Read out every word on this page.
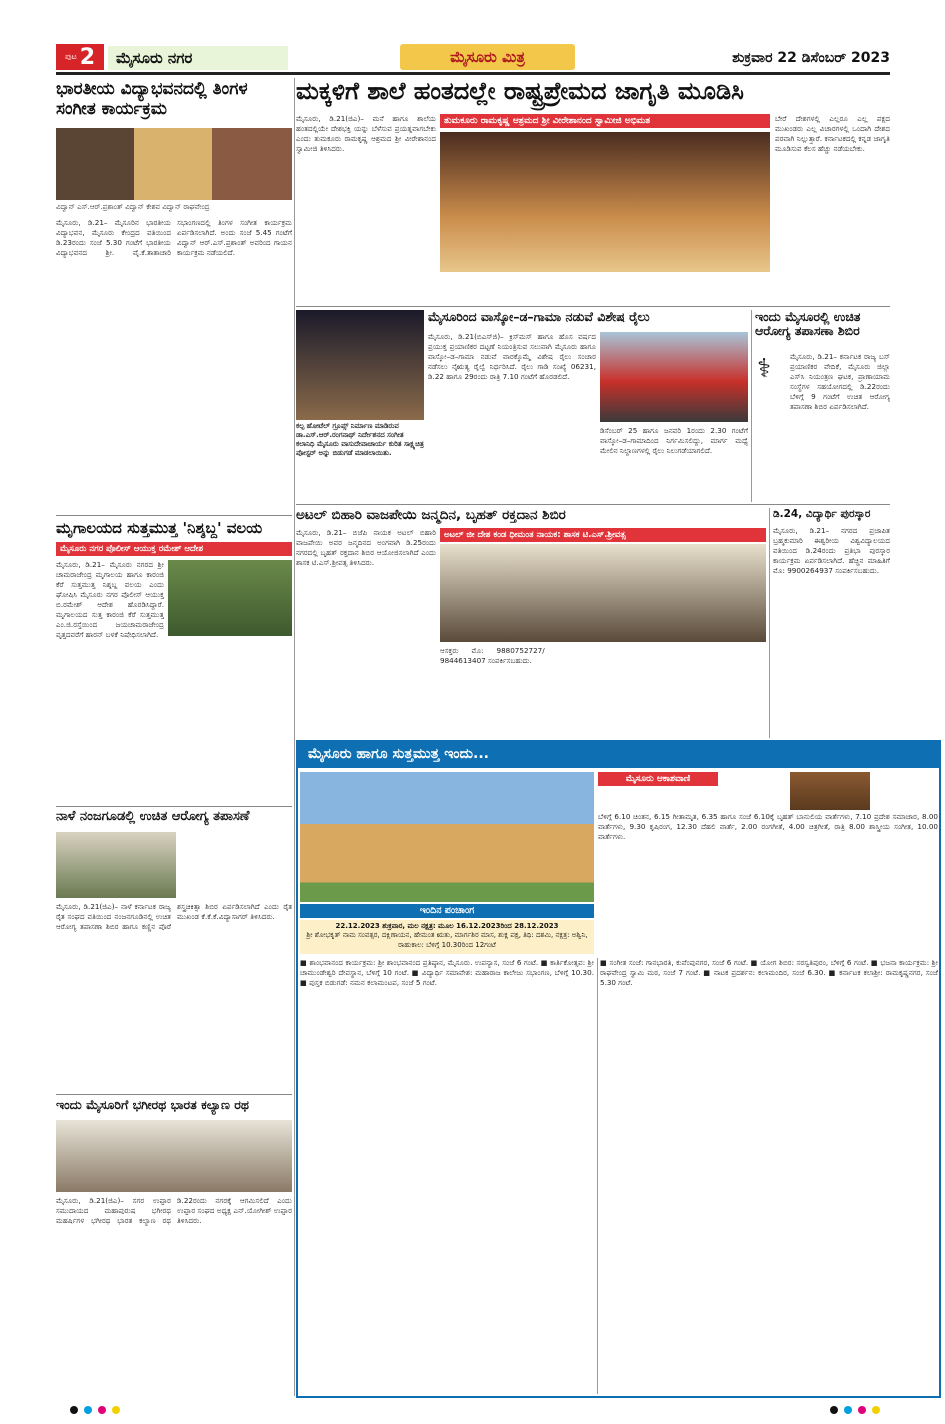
ಪುಟ 2	ಮೈಸೂರು ನಗರ	ಮೈಸೂರು ಮಿತ್ರ	ಶುಕ್ರವಾರ 22 ಡಿಸೆಂಬರ್ 2023
ಭಾರತೀಯ ವಿದ್ಯಾಭವನದಲ್ಲಿ ತಿಂಗಳ ಸಂಗೀತ ಕಾರ್ಯಕ್ರಮ
ವಿದ್ವಾನ್ ಎಸ್.ಆರ್.ಪ್ರಶಾಂತ್ ವಿದ್ವಾನ್ ಕೇಶವ ವಿದ್ವಾನ್ ರಾಘವೇಂದ್ರ

ಮೈಸೂರು, ಡಿ.21– ಮೈಸೂರಿನ ಭಾರತೀಯ ವಿದ್ಯಾಭವನ, ಮೈಸೂರು ಕೇಂದ್ರದ ವತಿಯಿಂದ ಡಿ.23ರಂದು ಸಂಜೆ 5.30 ಗಂಟೆಗೆ ಭಾರತೀಯ ವಿದ್ಯಾಭವನದ ಶ್ರೀ. ವೈ.ಕೆ.ತಾತಾಚಾರಿ ಸಭಾಂಗಣದಲ್ಲಿ ತಿಂಗಳ ಸಂಗೀತ ಕಾರ್ಯಕ್ರಮ ಏರ್ಪಡಿಸಲಾಗಿದೆ. ಅಂದು ಸಂಜೆ 5.45 ಗಂಟೆಗೆ ವಿದ್ವಾನ್ ಆರ್.ಎಸ್.ಪ್ರಶಾಂತ್ ಅವರಿಂದ ಗಾಯನ ಕಾರ್ಯಕ್ರಮ ನಡೆಯಲಿದೆ.

ಮೃಗಾಲಯದ ಸುತ್ತಮುತ್ತ 'ನಿಶ್ಶಬ್ದ' ವಲಯ
ಮೈಸೂರು ನಗರ ಪೊಲೀಸ್ ಆಯುಕ್ತ ರಮೇಶ್ ಆದೇಶ

ಮೈಸೂರು, ಡಿ.21– ಮೈಸೂರು ನಗರದ ಶ್ರೀ ಚಾಮರಾಜೇಂದ್ರ ಮೃಗಾಲಯ ಹಾಗೂ ಕಾರಂಜಿ ಕೆರೆ ಸುತ್ತಮುತ್ತ ನಿಶ್ಶಬ್ದ ವಲಯ ಎಂದು ಘೋಷಿಸಿ ಮೈಸೂರು ನಗರ ಪೊಲೀಸ್ ಆಯುಕ್ತ ಬಿ.ರಮೇಶ್ ಆದೇಶ ಹೊರಡಿಸಿದ್ದಾರೆ. ಮೃಗಾಲಯದ ಸುತ್ತ ಕಾರಂಜಿ ಕೆರೆ ಸುತ್ತಮುತ್ತ ಎಂ.ಜಿ.ರಸ್ತೆಯಿಂದ ಜಯಚಾಮರಾಜೇಂದ್ರ ವೃತ್ತದವರೆಗೆ ಹಾರನ್ ಬಳಕೆ ನಿಷೇಧಿಸಲಾಗಿದೆ.

ನಾಳೆ ನಂಜಗೂಡಲ್ಲಿ ಉಚಿತ ಆರೋಗ್ಯ ತಪಾಸಣೆ

ಮೈಸೂರು, ಡಿ.21(ಜಿಎ)– ನಾಳೆ ಕರ್ನಾಟಕ ರಾಜ್ಯ ರೈತ ಸಂಘದ ವತಿಯಿಂದ ನಂಜನಗೂಡಿನಲ್ಲಿ ಉಚಿತ ಆರೋಗ್ಯ ತಪಾಸಣಾ ಶಿಬಿರ ಹಾಗೂ ಕಣ್ಣಿನ ಪೊರೆ ಶಸ್ತ್ರಚಿಕಿತ್ಸಾ ಶಿಬಿರ ಏರ್ಪಡಿಸಲಾಗಿದೆ ಎಂದು ರೈತ ಮುಖಂಡ ಕೆ.ಕೆ.ಕೆ.ವಿದ್ಯಾಸಾಗರ್ ತಿಳಿಸಿದರು.

ಇಂದು ಮೈಸೂರಿಗೆ ಭಗೀರಥ ಭಾರತ ಕಲ್ಯಾಣ ರಥ

ಮೈಸೂರು, ಡಿ.21(ಜಿಎ)– ಸಗರ ಉಪ್ಪಾರ ಸಮುದಾಯದ ಮಹಾಪುರುಷ ಭಗೀರಥ ಮಹರ್ಷಿಗಳ ಭಗೀರಥ ಭಾರತ ಕಲ್ಯಾಣ ರಥ ಡಿ.22ರಂದು ನಗರಕ್ಕೆ ಆಗಮಿಸಲಿದೆ ಎಂದು ಉಪ್ಪಾರ ಸಂಘದ ಅಧ್ಯಕ್ಷ ಎನ್.ಯೋಗೀಶ್ ಉಪ್ಪಾರ ತಿಳಿಸಿದರು.

ಮಕ್ಕಳಿಗೆ ಶಾಲೆ ಹಂತದಲ್ಲೇ ರಾಷ್ಟ್ರಪ್ರೇಮದ ಜಾಗೃತಿ ಮೂಡಿಸಿ
ತುಮಕೂರು ರಾಮಕೃಷ್ಣ ಆಶ್ರಮದ ಶ್ರೀ ವೀರೇಶಾನಂದ ಸ್ವಾಮೀಜಿ ಅಭಿಮತ

ಮೈಸೂರು, ಡಿ.21(ಜಿಎ)– ಮನೆ ಹಾಗೂ ಶಾಲೆಯ ಹಂತದಲ್ಲಿಯೇ ದೇಶಭಕ್ತಿ ಯನ್ನು ಬೆಳೆಸುವ ಪ್ರಯತ್ನವಾಗಬೇಕು ಎಂದು ತುಮಕೂರು ರಾಮಕೃಷ್ಣ ಆಶ್ರಮದ ಶ್ರೀ ವೀರೇಶಾನಂದ ಸ್ವಾಮೀಜಿ ತಿಳಿಸಿದರು.

ಬೇರೆ ದೇಶಗಳಲ್ಲಿ ಎಲ್ಲರೂ ಎಲ್ಲ ಪಕ್ಷದ ಮುಖಂಡರು ಎಲ್ಲ ವಿಚಾರಗಳಲ್ಲಿ ಒಂದಾಗಿ ದೇಶದ ಪರವಾಗಿ ನಿಲ್ಲುತ್ತಾರೆ. ಕರ್ನಾಟಕದಲ್ಲಿ ಕನ್ನಡ ಜಾಗೃತಿ ಮೂಡಿಸುವ ಕೆಲಸ ಹೆಚ್ಚು ನಡೆಯಬೇಕು.

ಕಲ್ಪ ಹೋಟೆಲ್ ಗ್ರೂಪ್ಸ್ ನಿರ್ಮಾಣ ಮಾಡಿರುವ ಡಾ.ಎಸ್.ಆರ್.ರಂಗನಾಥ್ ನಿರ್ದೇಶನದ ಸಂಗೀತ ಕಲಾನಿಧಿ ಮೈಸೂರು ವಾಸುದೇವಾಚಾರ್ಯ ಕುರಿತ ಸಾಕ್ಷ್ಯಚಿತ್ರ ಪೋಸ್ಟರ್ ಅನ್ನು ಬಿಡುಗಡೆ ಮಾಡಲಾಯಿತು.
ಮೈಸೂರಿಂದ ವಾಸ್ಕೋ–ಡ–ಗಾಮಾ ನಡುವೆ ವಿಶೇಷ ರೈಲು

ಮೈಸೂರು, ಡಿ.21(ಬಿಎಸ್‌ಜಿ)– ಕ್ರಿಸ್‌ಮಸ್ ಹಾಗೂ ಹೊಸ ವರ್ಷದ ಪ್ರಯುಕ್ತ ಪ್ರಯಾಣಿಕರ ದಟ್ಟಣೆ ನಿಯಂತ್ರಿಸುವ ಸಲುವಾಗಿ ಮೈಸೂರು ಹಾಗೂ ವಾಸ್ಕೋ–ಡ–ಗಾಮಾ ನಡುವೆ ವಾರಕ್ಕೊಮ್ಮೆ ವಿಶೇಷ ರೈಲು ಸಂಚಾರ ನಡೆಸಲು ನೈಋತ್ಯ ರೈಲ್ವೆ ನಿರ್ಧರಿಸಿದೆ. ರೈಲು ಗಾಡಿ ಸಂಖ್ಯೆ 06231, ಡಿ.22 ಹಾಗೂ 29ರಂದು ರಾತ್ರಿ 7.10 ಗಂಟೆಗೆ ಹೊರಡಲಿದೆ.

ಡಿಸೆಂಬರ್ 25 ಹಾಗೂ ಜನವರಿ 1ರಂದು 2.30 ಗಂಟೆಗೆ ವಾಸ್ಕೋ–ಡ–ಗಾಮಾದಿಂದ ನಿರ್ಗಮಿಸಲಿದ್ದು, ಮಾರ್ಗ ಮಧ್ಯೆ ಮೇಲಿನ ನಿಲ್ದಾಣಗಳಲ್ಲಿ ರೈಲು ನಿಲುಗಡೆಯಾಗಲಿದೆ.

ಇಂದು ಮೈಸೂರಲ್ಲಿ ಉಚಿತ ಆರೋಗ್ಯ ತಪಾಸಣಾ ಶಿಬಿರ
⚕	ಮೈಸೂರು, ಡಿ.21– ಕರ್ನಾಟಕ ರಾಜ್ಯ ಬಸ್ ಪ್ರಯಾಣಿಕರ ವೇದಿಕೆ, ಮೈಸೂರು ಜಿಲ್ಲಾ ಎಸ್‌ಸಿ ನಿಯಂತ್ರಣ ಘಟಕ, ಪ್ರಾಣಾಯಾಮ ಸಂಸ್ಥೆಗಳ ಸಹಯೋಗದಲ್ಲಿ ಡಿ.22ರಂದು ಬೆಳಿಗ್ಗೆ 9 ಗಂಟೆಗೆ ಉಚಿತ ಆರೋಗ್ಯ ತಪಾಸಣಾ ಶಿಬಿರ ಏರ್ಪಡಿಸಲಾಗಿದೆ.

ಅಟಲ್ ಬಿಹಾರಿ ವಾಜಪೇಯಿ ಜನ್ಮದಿನ, ಬೃಹತ್ ರಕ್ತದಾನ ಶಿಬಿರ
ಅಟಲ್ ಜೀ ದೇಶ ಕಂಡ ಧೀಮಂತ ನಾಯಕ: ಶಾಸಕ ಟಿ.ಎಸ್.ಶ್ರೀವತ್ಸ

ಮೈಸೂರು, ಡಿ.21– ಬಿಜೆಪಿ ನಾಯಕ ಅಟಲ್ ಬಿಹಾರಿ ವಾಜಪೇಯಿ ಅವರ ಜನ್ಮದಿನದ ಅಂಗವಾಗಿ ಡಿ.25ರಂದು ನಗರದಲ್ಲಿ ಬೃಹತ್ ರಕ್ತದಾನ ಶಿಬಿರ ಆಯೋಜಿಸಲಾಗಿದೆ ಎಂದು ಶಾಸಕ ಟಿ.ಎಸ್.ಶ್ರೀವತ್ಸ ತಿಳಿಸಿದರು.

ಆಸಕ್ತರು ಮೊ: 9880752727/ 9844613407 ಸಂಪರ್ಕಿಸಬಹುದು.

ಡಿ.24, ವಿದ್ಯಾರ್ಥಿ ಪುರಸ್ಕಾರ

ಮೈಸೂರು, ಡಿ.21– ನಗರದ ಪ್ರಜಾಪಿತ ಬ್ರಹ್ಮಕುಮಾರಿ ಈಶ್ವರೀಯ ವಿಶ್ವವಿದ್ಯಾಲಯದ ವತಿಯಿಂದ ಡಿ.24ರಂದು ಪ್ರತಿಭಾ ಪುರಸ್ಕಾರ ಕಾರ್ಯಕ್ರಮ ಏರ್ಪಡಿಸಲಾಗಿದೆ. ಹೆಚ್ಚಿನ ಮಾಹಿತಿಗೆ ಮೊ: 9900264937 ಸಂಪರ್ಕಿಸಬಹುದು.

ಮೈಸೂರು ಹಾಗೂ ಸುತ್ತಮುತ್ತ ಇಂದು...
ಇಂದಿನ ಪಂಚಾಂಗ
22.12.2023 ಶುಕ್ರವಾರ, ಮಲ ನಕ್ಷತ್ರ: ಮೂಲ 16.12.2023ರಿಂದ 28.12.2023
ಶ್ರೀ ಶೋಭಕೃತ್ ನಾಮ ಸಂವತ್ಸರ, ದಕ್ಷಿಣಾಯನ, ಹೇಮಂತ ಋತು, ಮಾರ್ಗಶಿರ ಮಾಸ, ಶುಕ್ಲ ಪಕ್ಷ, ತಿಥಿ: ದಶಮಿ, ನಕ್ಷತ್ರ: ಅಶ್ವಿನಿ, ರಾಹುಕಾಲ: ಬೆಳಿಗ್ಗೆ 10.30ರಿಂದ 12ಗಂಟೆ
ಮೈಸೂರು ಆಕಾಶವಾಣಿ

ಬೆಳಿಗ್ಗೆ 6.10 ಚಿಂತನ, 6.15 ಗೀತಾಮೃತ, 6.35 ಹಾಗೂ ಸಂಜೆ 6.10ಕ್ಕೆ ಬೃಹತ್ ಬಾನುಲಿಯ ವಾರ್ತೆಗಳು, 7.10 ಪ್ರದೇಶ ಸಮಾಚಾರ, 8.00 ವಾರ್ತೆಗಳು, 9.30 ಕೃಷಿರಂಗ, 12.30 ದೆಹಲಿ ವಾರ್ತೆ, 2.00 ರಂಗಗೀತೆ, 4.00 ಚಿತ್ರಗೀತೆ, ರಾತ್ರಿ 8.00 ಶಾಸ್ತ್ರೀಯ ಸಂಗೀತ, 10.00 ವಾರ್ತೆಗಳು.

■ ಶಾಂಭವಾನಂದ ಕಾರ್ಯಕ್ರಮ: ಶ್ರೀ ಶಾಂಭವಾನಂದ ಪ್ರತಿಷ್ಠಾನ, ಮೈಸೂರು. ಉಪನ್ಯಾಸ, ಸಂಜೆ 6 ಗಂಟೆ. ■ ಕಾರ್ತಿಕೋತ್ಸವ: ಶ್ರೀ ಚಾಮುಂಡೇಶ್ವರಿ ದೇವಸ್ಥಾನ, ಬೆಳಿಗ್ಗೆ 10 ಗಂಟೆ. ■ ವಿದ್ಯಾರ್ಥಿ ಸಮಾವೇಶ: ಮಹಾರಾಜ ಕಾಲೇಜು ಸಭಾಂಗಣ, ಬೆಳಿಗ್ಗೆ 10.30. ■ ಪುಸ್ತಕ ಬಿಡುಗಡೆ: ನಮನ ಕಲಾಮಂಟಪ, ಸಂಜೆ 5 ಗಂಟೆ.

■ ಸಂಗೀತ ಸಂಜೆ: ಗಾನಭಾರತಿ, ಕುವೆಂಪುನಗರ, ಸಂಜೆ 6 ಗಂಟೆ. ■ ಯೋಗ ಶಿಬಿರ: ಸರಸ್ವತಿಪುರಂ, ಬೆಳಿಗ್ಗೆ 6 ಗಂಟೆ. ■ ಭಜನಾ ಕಾರ್ಯಕ್ರಮ: ಶ್ರೀ ರಾಘವೇಂದ್ರ ಸ್ವಾಮಿ ಮಠ, ಸಂಜೆ 7 ಗಂಟೆ. ■ ನಾಟಕ ಪ್ರದರ್ಶನ: ಕಲಾಮಂದಿರ, ಸಂಜೆ 6.30. ■ ಕರ್ನಾಟಕ ಕಲಾಶ್ರೀ: ರಾಮಕೃಷ್ಣನಗರ, ಸಂಜೆ 5.30 ಗಂಟೆ.
